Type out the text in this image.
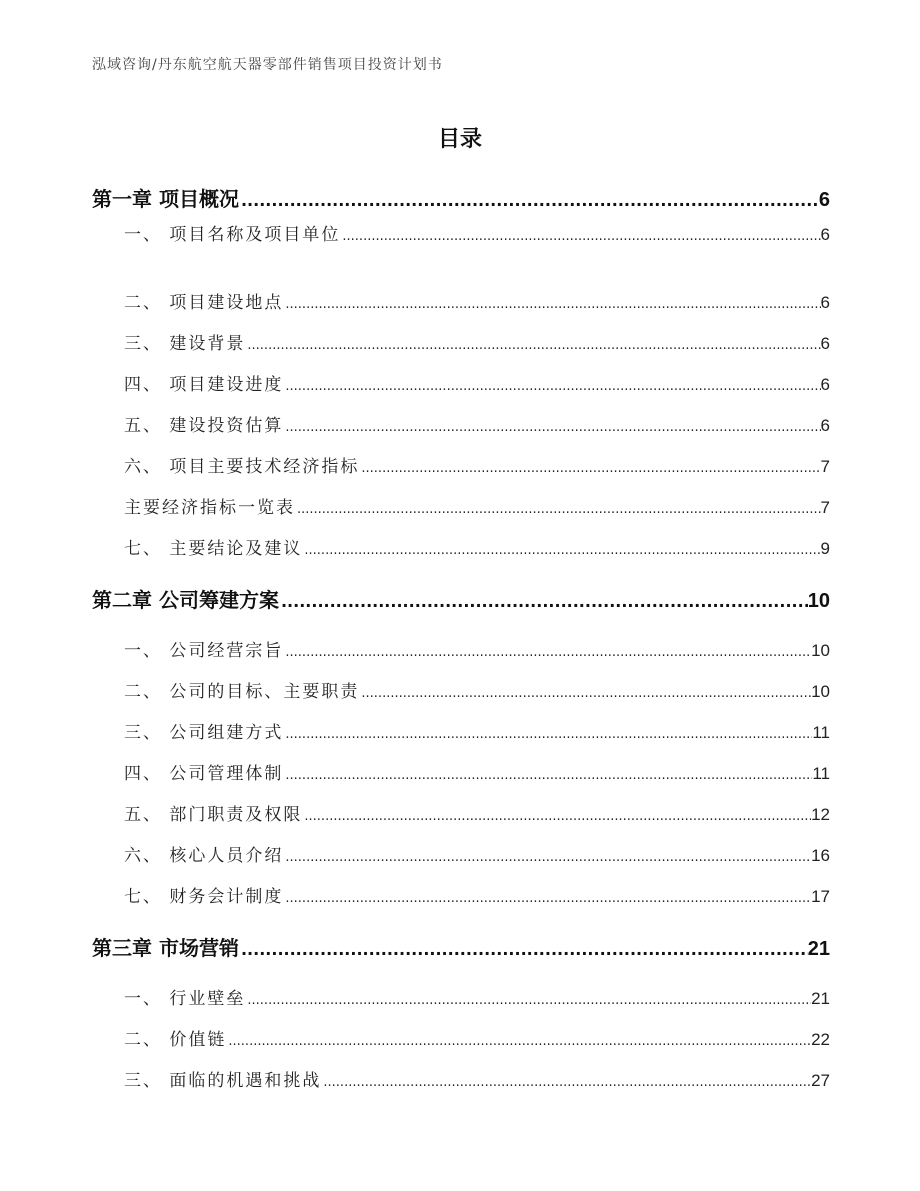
泓域咨询/丹东航空航天器零部件销售项目投资计划书
目录
第一章 项目概况 .....	6
一、 项目名称及项目单位 .....	6
二、 项目建设地点 .....	6
三、 建设背景 .....	6
四、 项目建设进度 .....	6
五、 建设投资估算 .....	6
六、 项目主要技术经济指标 .....	7
主要经济指标一览表 .....	7
七、 主要结论及建议 .....	9
第二章 公司筹建方案 .....	10
一、 公司经营宗旨 .....	10
二、 公司的目标、主要职责 .....	10
三、 公司组建方式 .....	11
四、 公司管理体制 .....	11
五、 部门职责及权限 .....	12
六、 核心人员介绍 .....	16
七、 财务会计制度 .....	17
第三章 市场营销 .....	21
一、 行业壁垒 .....	21
二、 价值链 .....	22
三、 面临的机遇和挑战 .....	27
